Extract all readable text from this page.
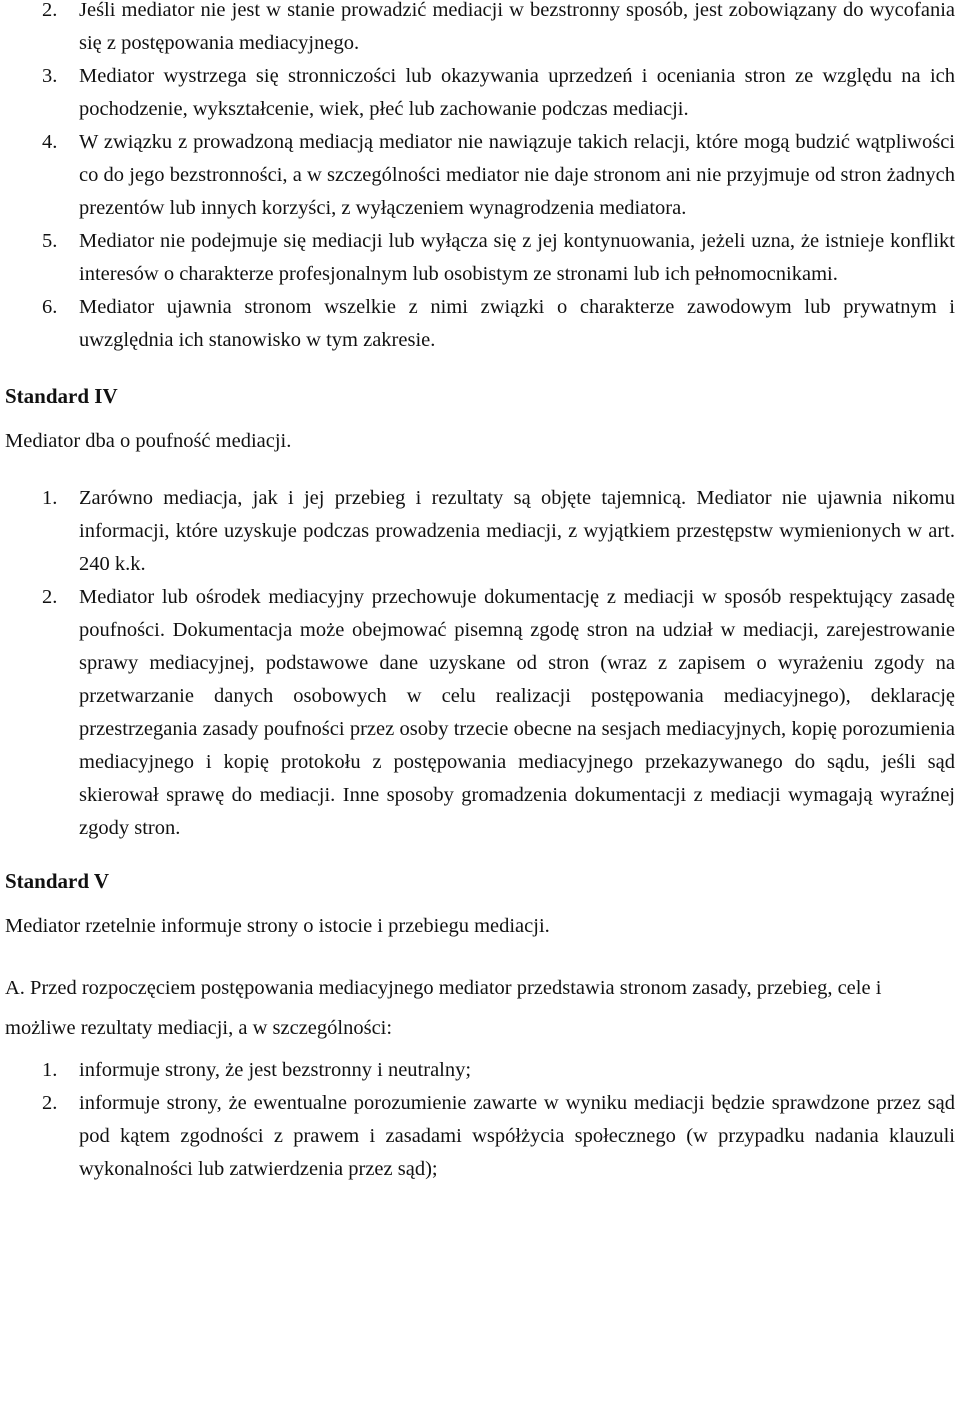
2. Jeśli mediator nie jest w stanie prowadzić mediacji w bezstronny sposób, jest zobowiązany do wycofania się z postępowania mediacyjnego.
3. Mediator wystrzega się stronniczości lub okazywania uprzedzeń i oceniania stron ze względu na ich pochodzenie, wykształcenie, wiek, płeć lub zachowanie podczas mediacji.
4. W związku z prowadzoną mediacją mediator nie nawiązuje takich relacji, które mogą budzić wątpliwości co do jego bezstronności, a w szczególności mediator nie daje stronom ani nie przyjmuje od stron żadnych prezentów lub innych korzyści, z wyłączeniem wynagrodzenia mediatora.
5. Mediator nie podejmuje się mediacji lub wyłącza się z jej kontynuowania, jeżeli uzna, że istnieje konflikt interesów o charakterze profesjonalnym lub osobistym ze stronami lub ich pełnomocnikami.
6. Mediator ujawnia stronom wszelkie z nimi związki o charakterze zawodowym lub prywatnym i uwzględnia ich stanowisko w tym zakresie.
Standard IV

Mediator dba o poufność mediacji.

1. Zarówno mediacja, jak i jej przebieg i rezultaty są objęte tajemnicą. Mediator nie ujawnia nikomu informacji, które uzyskuje podczas prowadzenia mediacji, z wyjątkiem przestępstw wymienionych w art. 240 k.k.
2. Mediator lub ośrodek mediacyjny przechowuje dokumentację z mediacji w sposób respektujący zasadę poufności. Dokumentacja może obejmować pisemną zgodę stron na udział w mediacji, zarejestrowanie sprawy mediacyjnej, podstawowe dane uzyskane od stron (wraz z zapisem o wyrażeniu zgody na przetwarzanie danych osobowych w celu realizacji postępowania mediacyjnego), deklarację przestrzegania zasady poufności przez osoby trzecie obecne na sesjach mediacyjnych, kopię porozumienia mediacyjnego i kopię protokołu z postępowania mediacyjnego przekazywanego do sądu, jeśli sąd skierował sprawę do mediacji. Inne sposoby gromadzenia dokumentacji z mediacji wymagają wyraźnej zgody stron.
Standard V

Mediator rzetelnie informuje strony o istocie i przebiegu mediacji.

A. Przed rozpoczęciem postępowania mediacyjnego mediator przedstawia stronom zasady, przebieg, cele i możliwe rezultaty mediacji, a w szczególności:

1. informuje strony, że jest bezstronny i neutralny;
2. informuje strony, że ewentualne porozumienie zawarte w wyniku mediacji będzie sprawdzone przez sąd pod kątem zgodności z prawem i zasadami współżycia społecznego (w przypadku nadania klauzuli wykonalności lub zatwierdzenia przez sąd);
